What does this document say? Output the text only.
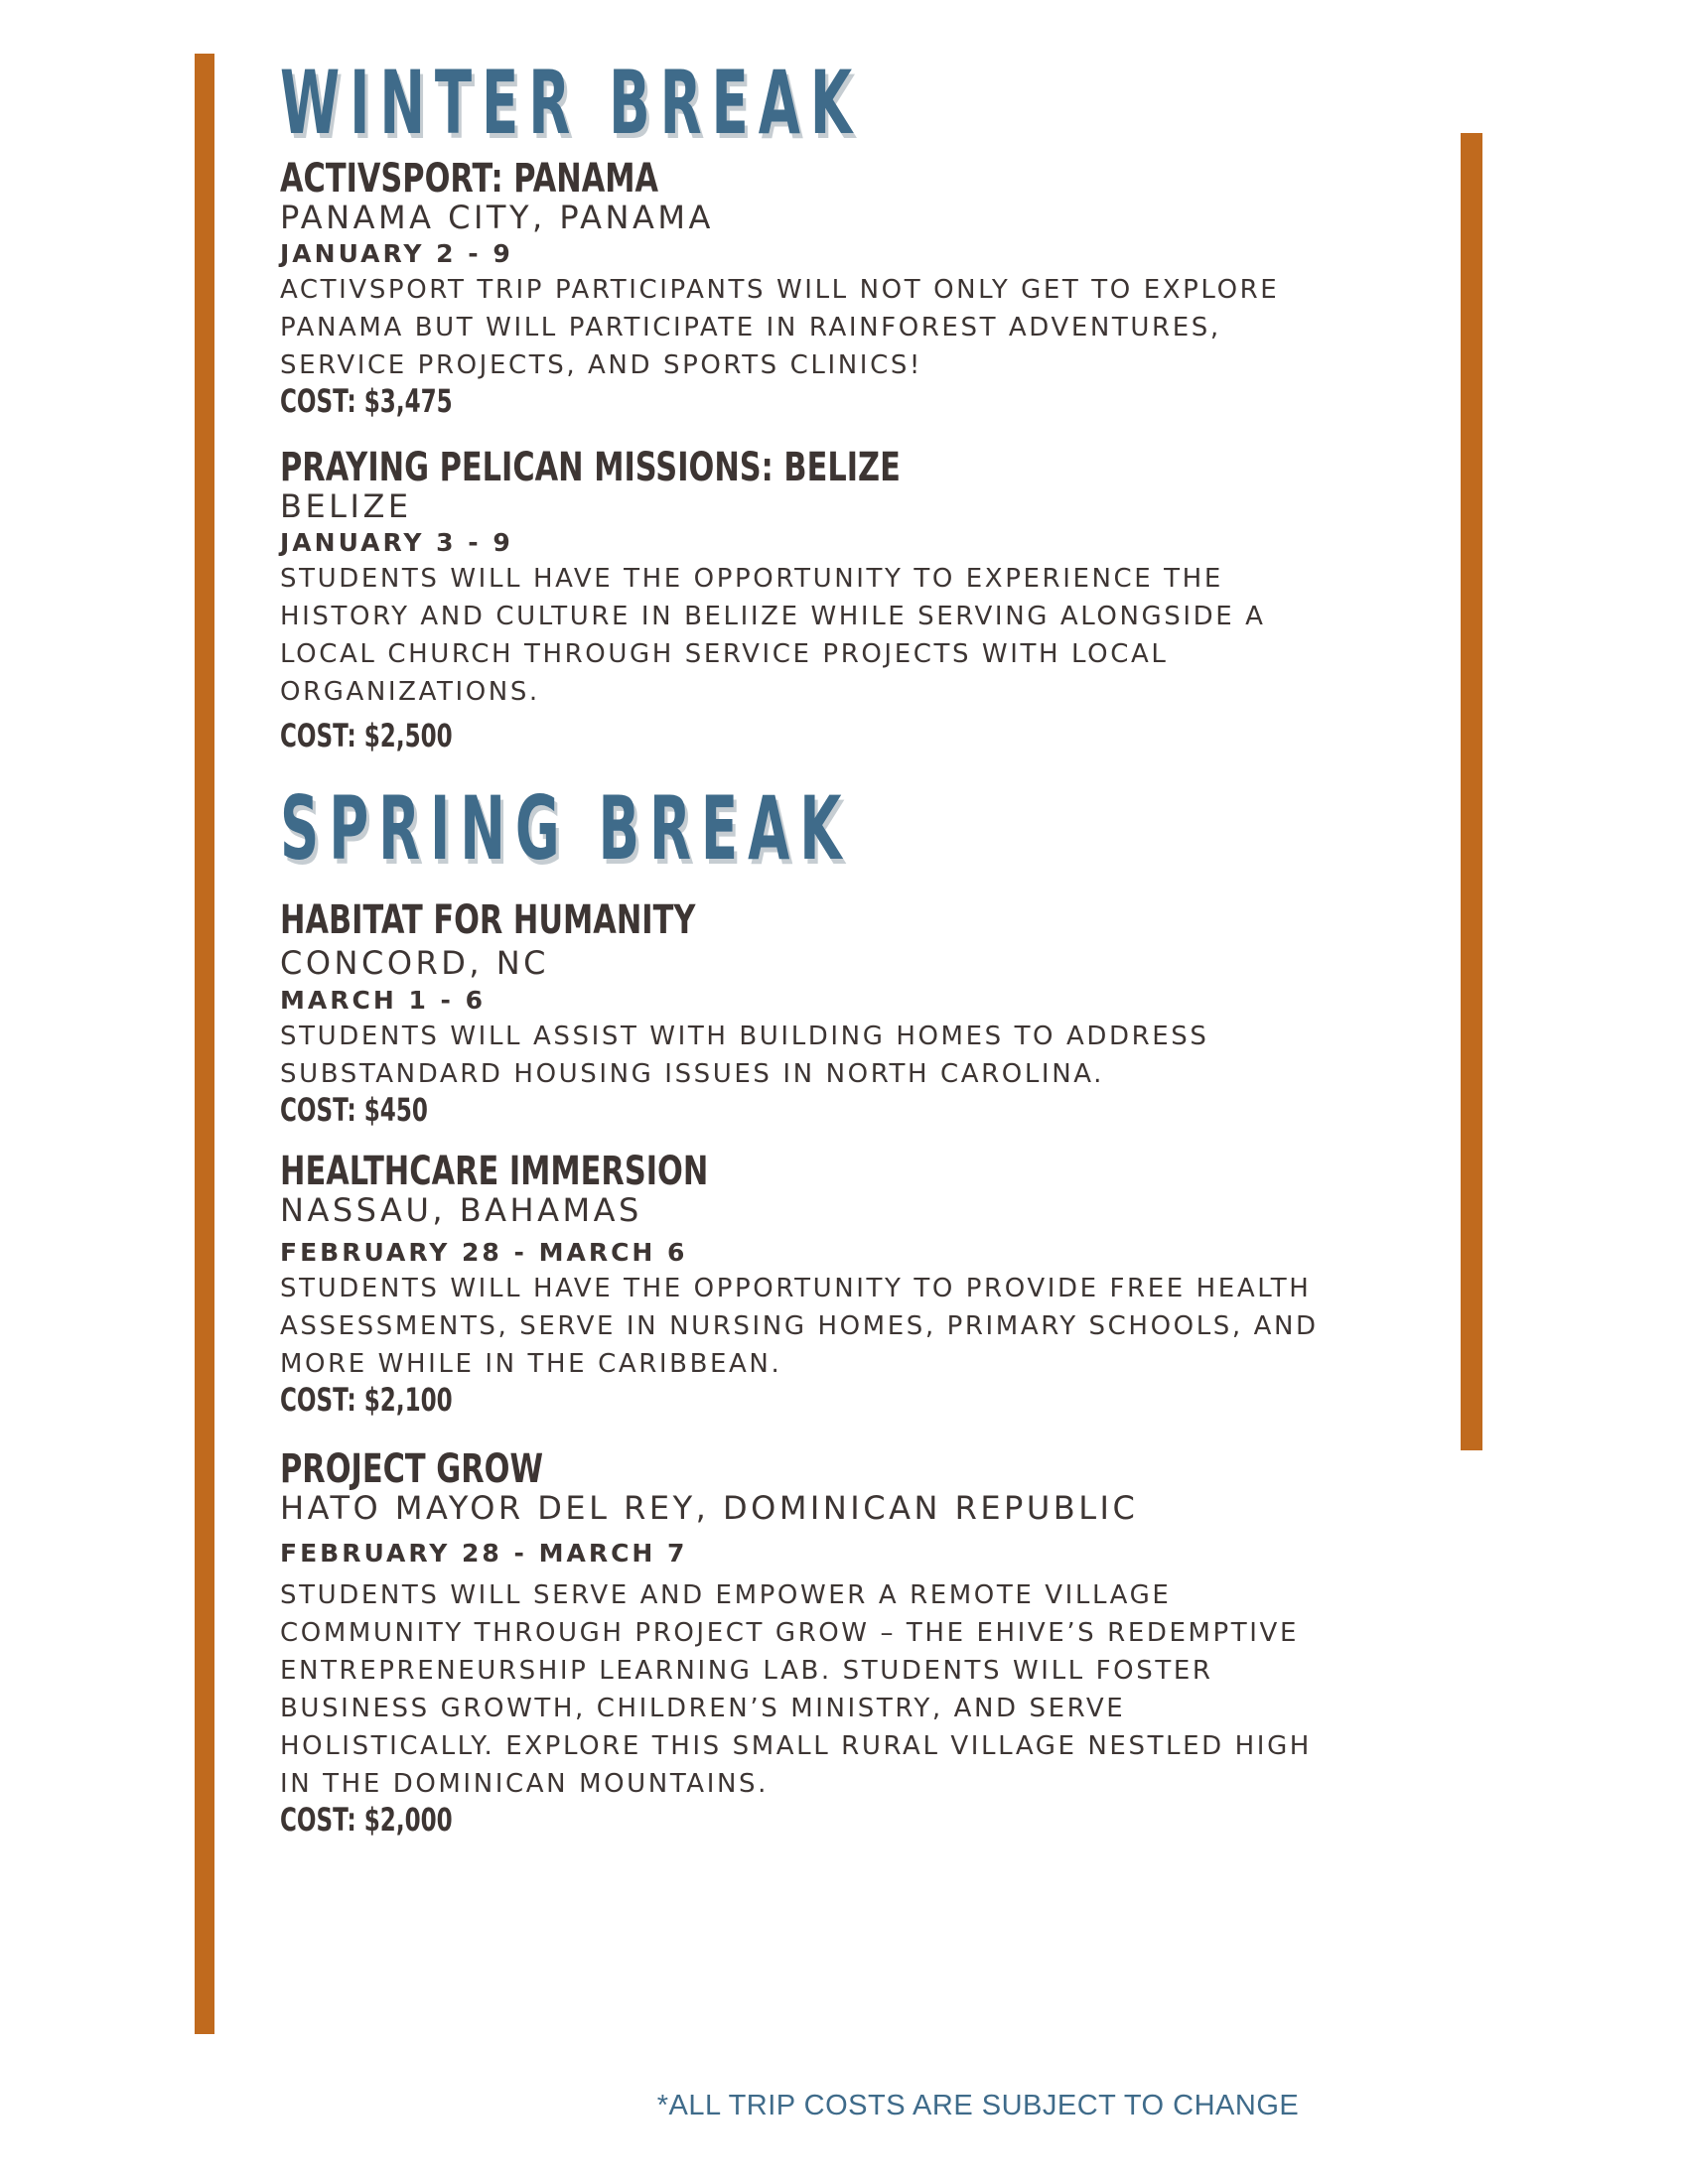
WINTER BREAK
ACTIVSPORT: PANAMA
PANAMA CITY, PANAMA
JANUARY 2 - 9
ACTIVSPORT TRIP PARTICIPANTS WILL NOT ONLY GET TO EXPLORE PANAMA BUT WILL PARTICIPATE IN RAINFOREST ADVENTURES, SERVICE PROJECTS, AND SPORTS CLINICS!
COST: $3,475
PRAYING PELICAN MISSIONS: BELIZE
BELIZE
JANUARY 3 - 9
STUDENTS WILL HAVE THE OPPORTUNITY TO EXPERIENCE THE HISTORY AND CULTURE IN BELIIZE WHILE SERVING ALONGSIDE A LOCAL CHURCH THROUGH SERVICE PROJECTS WITH LOCAL ORGANIZATIONS.
COST: $2,500
SPRING BREAK
HABITAT FOR HUMANITY
CONCORD, NC
MARCH 1 - 6
STUDENTS WILL ASSIST WITH BUILDING HOMES TO ADDRESS SUBSTANDARD HOUSING ISSUES IN NORTH CAROLINA.
COST: $450
HEALTHCARE IMMERSION
NASSAU, BAHAMAS
FEBRUARY 28 - MARCH 6
STUDENTS WILL HAVE THE OPPORTUNITY TO PROVIDE FREE HEALTH ASSESSMENTS, SERVE IN NURSING HOMES, PRIMARY SCHOOLS, AND MORE WHILE IN THE CARIBBEAN.
COST: $2,100
PROJECT GROW
HATO MAYOR DEL REY, DOMINICAN REPUBLIC
FEBRUARY 28 - MARCH 7
STUDENTS WILL SERVE AND EMPOWER A REMOTE VILLAGE COMMUNITY THROUGH PROJECT GROW – THE EHIVE’S REDEMPTIVE ENTREPRENEURSHIP LEARNING LAB. STUDENTS WILL FOSTER BUSINESS GROWTH, CHILDREN’S MINISTRY, AND SERVE HOLISTICALLY. EXPLORE THIS SMALL RURAL VILLAGE NESTLED HIGH IN THE DOMINICAN MOUNTAINS.
COST: $2,000
*ALL TRIP COSTS ARE SUBJECT TO CHANGE
